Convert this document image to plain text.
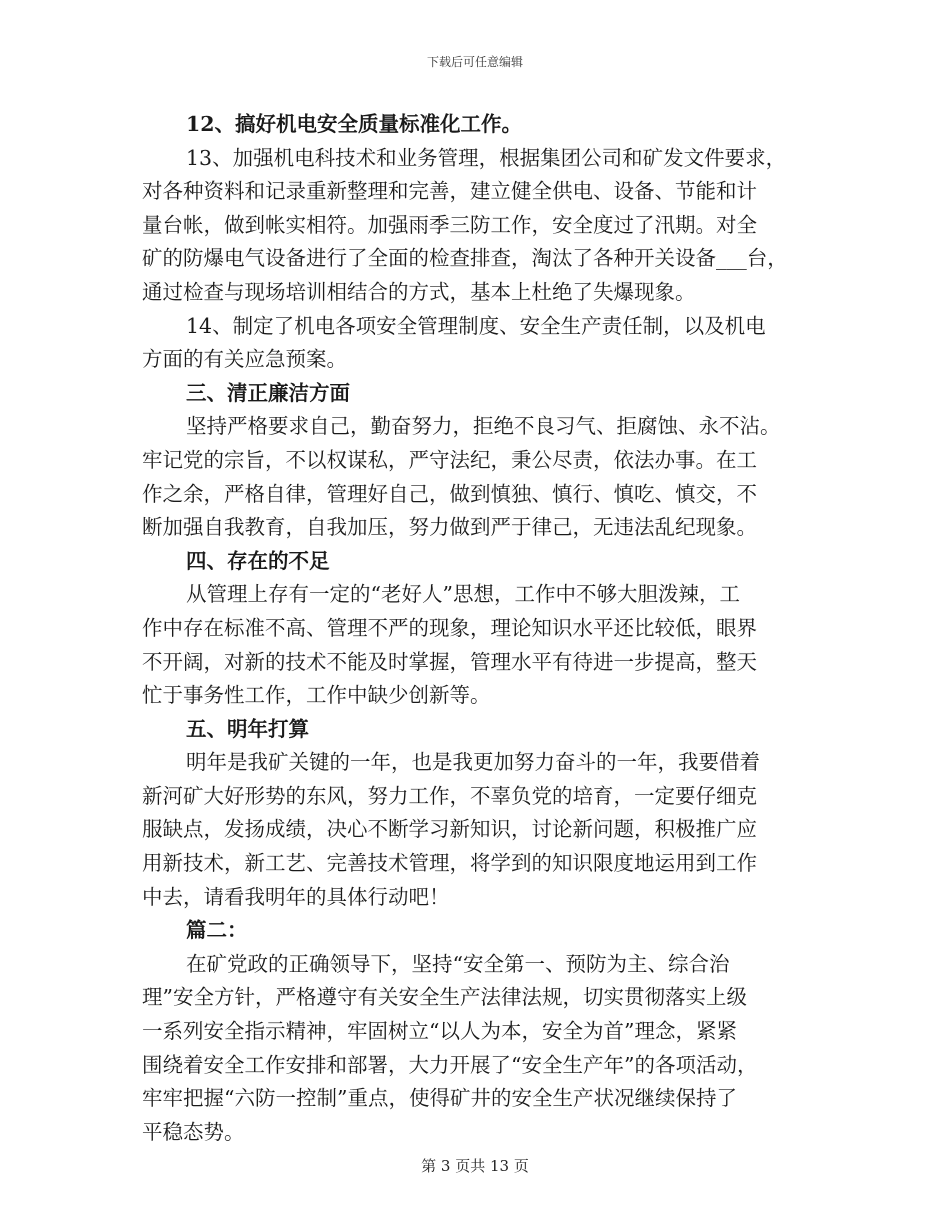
下载后可任意编辑
12、搞好机电安全质量标准化工作。
13、加强机电科技术和业务管理，根据集团公司和矿发文件要求，
对各种资料和记录重新整理和完善，建立健全供电、设备、节能和计
量台帐，做到帐实相符。加强雨季三防工作，安全度过了汛期。对全
矿的防爆电气设备进行了全面的检查排查，淘汰了各种开关设备___台，
通过检查与现场培训相结合的方式，基本上杜绝了失爆现象。
14、制定了机电各项安全管理制度、安全生产责任制，以及机电
方面的有关应急预案。
三、清正廉洁方面
坚持严格要求自己，勤奋努力，拒绝不良习气、拒腐蚀、永不沾。
牢记党的宗旨，不以权谋私，严守法纪，秉公尽责，依法办事。在工
作之余，严格自律，管理好自己，做到慎独、慎行、慎吃、慎交，不
断加强自我教育，自我加压，努力做到严于律己，无违法乱纪现象。
四、存在的不足
从管理上存有一定的“老好人”思想，工作中不够大胆泼辣，工
作中存在标准不高、管理不严的现象，理论知识水平还比较低，眼界
不开阔，对新的技术不能及时掌握，管理水平有待进一步提高，整天
忙于事务性工作，工作中缺少创新等。
五、明年打算
明年是我矿关键的一年，也是我更加努力奋斗的一年，我要借着
新河矿大好形势的东风，努力工作，不辜负党的培育，一定要仔细克
服缺点，发扬成绩，决心不断学习新知识，讨论新问题，积极推广应
用新技术，新工艺、完善技术管理，将学到的知识限度地运用到工作
中去，请看我明年的具体行动吧！
篇二：
在矿党政的正确领导下，坚持“安全第一、预防为主、综合治
理”安全方针，严格遵守有关安全生产法律法规，切实贯彻落实上级
一系列安全指示精神，牢固树立“以人为本，安全为首”理念，紧紧
围绕着安全工作安排和部署，大力开展了“安全生产年”的各项活动，
牢牢把握“六防一控制”重点，使得矿井的安全生产状况继续保持了
平稳态势。
第 3 页共 13 页
